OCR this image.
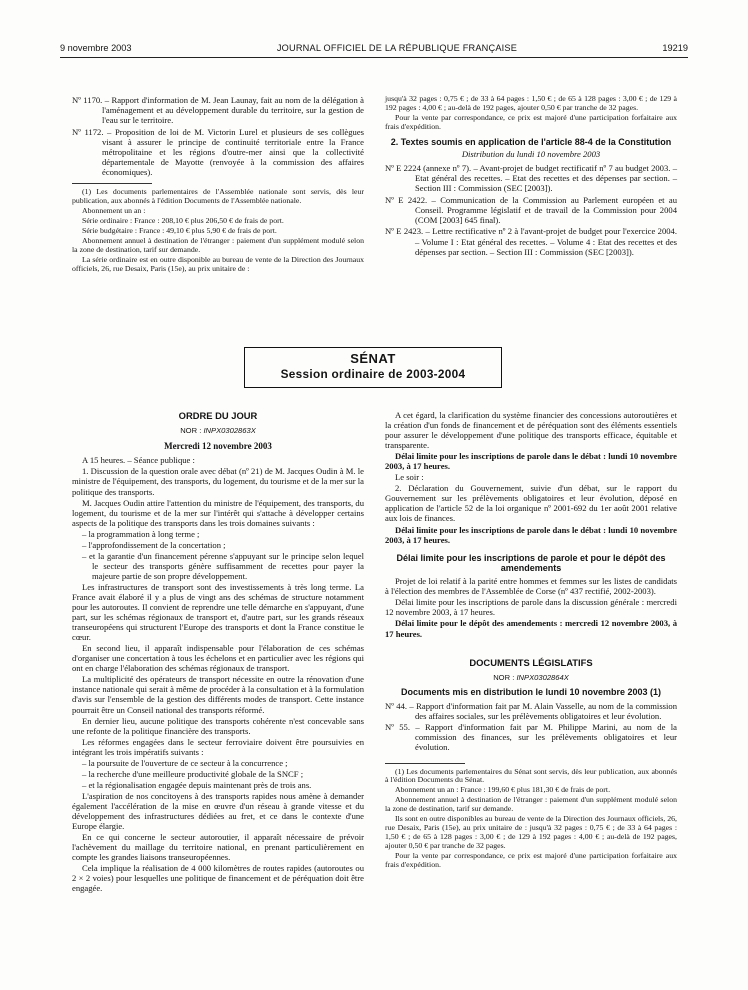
9 novembre 2003	JOURNAL OFFICIEL DE LA RÉPUBLIQUE FRANÇAISE	19219

Nº 1170. – Rapport d'information de M. Jean Launay, fait au nom de la délégation à l'aménagement et au développement durable du territoire, sur la gestion de l'eau sur le territoire.

Nº 1172. – Proposition de loi de M. Victorin Lurel et plusieurs de ses collègues visant à assurer le principe de continuité territoriale entre la France métropolitaine et les régions d'outre-mer ainsi que la collectivité départementale de Mayotte (renvoyée à la commission des affaires économiques).

(1) Les documents parlementaires de l'Assemblée nationale sont servis, dès leur publication, aux abonnés à l'édition Documents de l'Assemblée nationale.

Abonnement un an :

Série ordinaire : France : 208,10 € plus 206,50 € de frais de port.

Série budgétaire : France : 49,10 € plus 5,90 € de frais de port.

Abonnement annuel à destination de l'étranger : paiement d'un supplément modulé selon la zone de destination, tarif sur demande.

La série ordinaire est en outre disponible au bureau de vente de la Direction des Journaux officiels, 26, rue Desaix, Paris (15e), au prix unitaire de :

jusqu'à 32 pages : 0,75 € ; de 33 à 64 pages : 1,50 € ; de 65 à 128 pages : 3,00 € ; de 129 à 192 pages : 4,00 € ; au-delà de 192 pages, ajouter 0,50 € par tranche de 32 pages.

Pour la vente par correspondance, ce prix est majoré d'une participation forfaitaire aux frais d'expédition.

2. Textes soumis en application de l'article 88-4 de la Constitution
Distribution du lundi 10 novembre 2003

Nº E 2224 (annexe nº 7). – Avant-projet de budget rectificatif nº 7 au budget 2003. – Etat général des recettes. – Etat des recettes et des dépenses par section. – Section III : Commission (SEC [2003]).

Nº E 2422. – Communication de la Commission au Parlement européen et au Conseil. Programme législatif et de travail de la Commission pour 2004 (COM [2003] 645 final).

Nº E 2423. – Lettre rectificative nº 2 à l'avant-projet de budget pour l'exercice 2004. – Volume I : Etat général des recettes. – Volume 4 : Etat des recettes et des dépenses par section. – Section III : Commission (SEC [2003]).

SÉNAT
Session ordinaire de 2003-2004
ORDRE DU JOUR
NOR : INPX0302863X
Mercredi 12 novembre 2003

A 15 heures. – Séance publique :

1. Discussion de la question orale avec débat (nº 21) de M. Jacques Oudin à M. le ministre de l'équipement, des transports, du logement, du tourisme et de la mer sur la politique des transports.

M. Jacques Oudin attire l'attention du ministre de l'équipement, des transports, du logement, du tourisme et de la mer sur l'intérêt qui s'attache à développer certains aspects de la politique des transports dans les trois domaines suivants :

– la programmation à long terme ;

– l'approfondissement de la concertation ;

– et la garantie d'un financement pérenne s'appuyant sur le principe selon lequel le secteur des transports génère suffisamment de recettes pour payer la majeure partie de son propre développement.

Les infrastructures de transport sont des investissements à très long terme. La France avait élaboré il y a plus de vingt ans des schémas de structure notamment pour les autoroutes. Il convient de reprendre une telle démarche en s'appuyant, d'une part, sur les schémas régionaux de transport et, d'autre part, sur les grands réseaux transeuropéens qui structurent l'Europe des transports et dont la France constitue le cœur.

En second lieu, il apparaît indispensable pour l'élaboration de ces schémas d'organiser une concertation à tous les échelons et en particulier avec les régions qui ont en charge l'élaboration des schémas régionaux de transport.

La multiplicité des opérateurs de transport nécessite en outre la rénovation d'une instance nationale qui serait à même de procéder à la consultation et à la formulation d'avis sur l'ensemble de la gestion des différents modes de transport. Cette instance pourrait être un Conseil national des transports réformé.

En dernier lieu, aucune politique des transports cohérente n'est concevable sans une refonte de la politique financière des transports.

Les réformes engagées dans le secteur ferroviaire doivent être poursuivies en intégrant les trois impératifs suivants :

– la poursuite de l'ouverture de ce secteur à la concurrence ;

– la recherche d'une meilleure productivité globale de la SNCF ;

– et la régionalisation engagée depuis maintenant près de trois ans.

L'aspiration de nos concitoyens à des transports rapides nous amène à demander également l'accélération de la mise en œuvre d'un réseau à grande vitesse et du développement des infrastructures dédiées au fret, et ce dans le contexte d'une Europe élargie.

En ce qui concerne le secteur autoroutier, il apparaît nécessaire de prévoir l'achèvement du maillage du territoire national, en prenant particulièrement en compte les grandes liaisons transeuropéennes.

Cela implique la réalisation de 4 000 kilomètres de routes rapides (autoroutes ou 2 × 2 voies) pour lesquelles une politique de financement et de péréquation doit être engagée.

A cet égard, la clarification du système financier des concessions autoroutières et la création d'un fonds de financement et de péréquation sont des éléments essentiels pour assurer le développement d'une politique des transports efficace, équitable et transparente.

Délai limite pour les inscriptions de parole dans le débat : lundi 10 novembre 2003, à 17 heures.

Le soir :

2. Déclaration du Gouvernement, suivie d'un débat, sur le rapport du Gouvernement sur les prélèvements obligatoires et leur évolution, déposé en application de l'article 52 de la loi organique nº 2001-692 du 1er août 2001 relative aux lois de finances.

Délai limite pour les inscriptions de parole dans le débat : lundi 10 novembre 2003, à 17 heures.

Délai limite pour les inscriptions de parole et pour le dépôt des amendements

Projet de loi relatif à la parité entre hommes et femmes sur les listes de candidats à l'élection des membres de l'Assemblée de Corse (nº 437 rectifié, 2002-2003).

Délai limite pour les inscriptions de parole dans la discussion générale : mercredi 12 novembre 2003, à 17 heures.

Délai limite pour le dépôt des amendements : mercredi 12 novembre 2003, à 17 heures.

DOCUMENTS LÉGISLATIFS
NOR : INPX0302864X
Documents mis en distribution le lundi 10 novembre 2003 (1)

Nº 44. – Rapport d'information fait par M. Alain Vasselle, au nom de la commission des affaires sociales, sur les prélèvements obligatoires et leur évolution.

Nº 55. – Rapport d'information fait par M. Philippe Marini, au nom de la commission des finances, sur les prélèvements obligatoires et leur évolution.

(1) Les documents parlementaires du Sénat sont servis, dès leur publication, aux abonnés à l'édition Documents du Sénat.

Abonnement un an : France : 199,60 € plus 181,30 € de frais de port.

Abonnement annuel à destination de l'étranger : paiement d'un supplément modulé selon la zone de destination, tarif sur demande.

Ils sont en outre disponibles au bureau de vente de la Direction des Journaux officiels, 26, rue Desaix, Paris (15e), au prix unitaire de : jusqu'à 32 pages : 0,75 € ; de 33 à 64 pages : 1,50 € ; de 65 à 128 pages : 3,00 € ; de 129 à 192 pages : 4,00 € ; au-delà de 192 pages, ajouter 0,50 € par tranche de 32 pages.

Pour la vente par correspondance, ce prix est majoré d'une participation forfaitaire aux frais d'expédition.
